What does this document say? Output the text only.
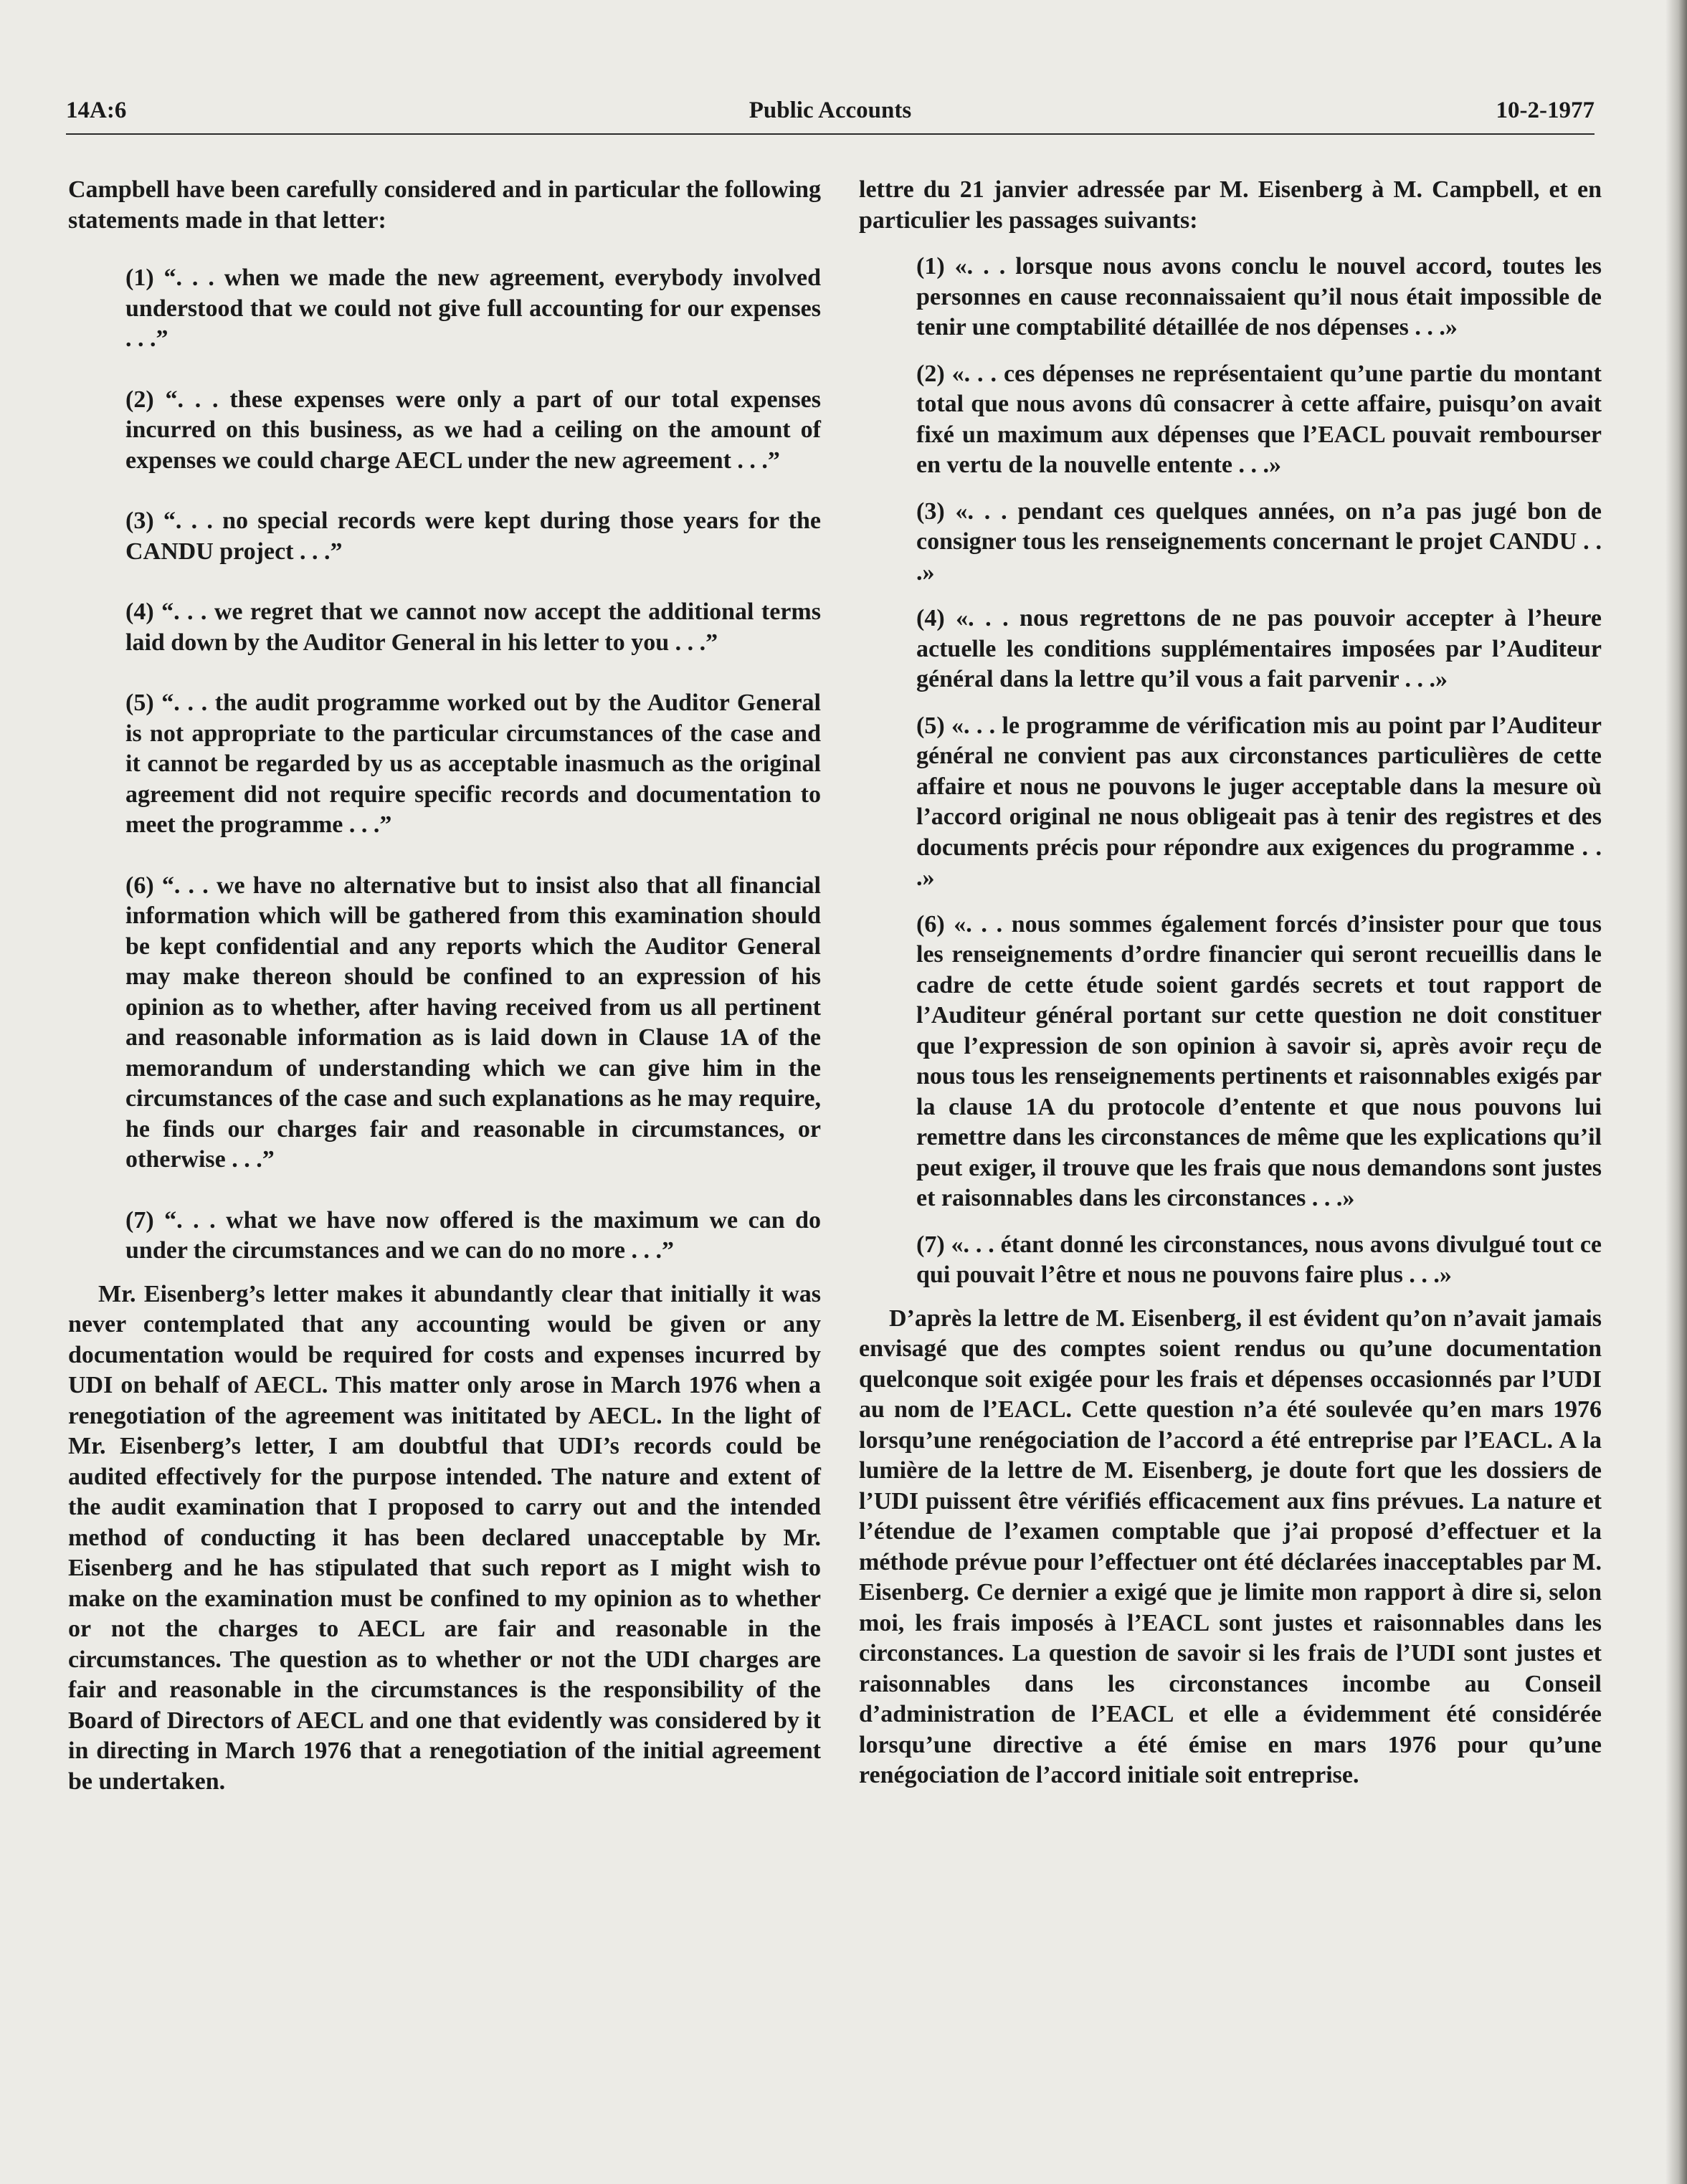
14A:6	Public Accounts	10-2-1977

Campbell have been carefully considered and in particular the following statements made in that letter:

(1) “. . . when we made the new agreement, everybody involved understood that we could not give full accounting for our expenses . . .”

(2) “. . . these expenses were only a part of our total expenses incurred on this business, as we had a ceiling on the amount of expenses we could charge AECL under the new agreement . . .”

(3) “. . . no special records were kept during those years for the CANDU project . . .”

(4) “. . . we regret that we cannot now accept the additional terms laid down by the Auditor General in his letter to you . . .”

(5) “. . . the audit programme worked out by the Auditor General is not appropriate to the particular circumstances of the case and it cannot be regarded by us as acceptable inasmuch as the original agreement did not require specific records and documentation to meet the programme . . .”

(6) “. . . we have no alternative but to insist also that all financial information which will be gathered from this examination should be kept confidential and any reports which the Auditor General may make thereon should be confined to an expression of his opinion as to whether, after having received from us all pertinent and reasonable information as is laid down in Clause 1A of the memorandum of understanding which we can give him in the circumstances of the case and such explanations as he may require, he finds our charges fair and reasonable in circumstances, or otherwise . . .”

(7) “. . . what we have now offered is the maximum we can do under the circumstances and we can do no more . . .”

Mr. Eisenberg’s letter makes it abundantly clear that initially it was never contemplated that any accounting would be given or any documentation would be required for costs and expenses incurred by UDI on behalf of AECL. This matter only arose in March 1976 when a renegotiation of the agreement was inititated by AECL. In the light of Mr. Eisenberg’s letter, I am doubtful that UDI’s records could be audited effectively for the purpose intended. The nature and extent of the audit examination that I proposed to carry out and the intended method of conducting it has been declared unacceptable by Mr. Eisenberg and he has stipulated that such report as I might wish to make on the examination must be confined to my opinion as to whether or not the charges to AECL are fair and reasonable in the circumstances. The question as to whether or not the UDI charges are fair and reasonable in the circumstances is the responsibility of the Board of Directors of AECL and one that evidently was considered by it in directing in March 1976 that a renegotiation of the initial agreement be undertaken.

lettre du 21 janvier adressée par M. Eisenberg à M. Campbell, et en particulier les passages suivants:

(1) «. . . lorsque nous avons conclu le nouvel accord, toutes les personnes en cause reconnaissaient qu’il nous était impossible de tenir une comptabilité détaillée de nos dépenses . . .»

(2) «. . . ces dépenses ne représentaient qu’une partie du montant total que nous avons dû consacrer à cette affaire, puisqu’on avait fixé un maximum aux dépenses que l’EACL pouvait rembourser en vertu de la nouvelle entente . . .»

(3) «. . . pendant ces quelques années, on n’a pas jugé bon de consigner tous les renseignements concernant le projet CANDU . . .»

(4) «. . . nous regrettons de ne pas pouvoir accepter à l’heure actuelle les conditions supplémentaires imposées par l’Auditeur général dans la lettre qu’il vous a fait parvenir . . .»

(5) «. . . le programme de vérification mis au point par l’Auditeur général ne convient pas aux circonstances particulières de cette affaire et nous ne pouvons le juger acceptable dans la mesure où l’accord original ne nous obligeait pas à tenir des registres et des documents précis pour répondre aux exigences du programme . . .»

(6) «. . . nous sommes également forcés d’insister pour que tous les renseignements d’ordre financier qui seront recueillis dans le cadre de cette étude soient gardés secrets et tout rapport de l’Auditeur général portant sur cette question ne doit constituer que l’expression de son opinion à savoir si, après avoir reçu de nous tous les renseignements pertinents et raisonnables exigés par la clause 1A du protocole d’entente et que nous pouvons lui remettre dans les circonstances de même que les explications qu’il peut exiger, il trouve que les frais que nous demandons sont justes et raisonnables dans les circonstances . . .»

(7) «. . . étant donné les circonstances, nous avons divulgué tout ce qui pouvait l’être et nous ne pouvons faire plus . . .»

D’après la lettre de M. Eisenberg, il est évident qu’on n’avait jamais envisagé que des comptes soient rendus ou qu’une documentation quelconque soit exigée pour les frais et dépenses occasionnés par l’UDI au nom de l’EACL. Cette question n’a été soulevée qu’en mars 1976 lorsqu’une renégociation de l’accord a été entreprise par l’EACL. A la lumière de la lettre de M. Eisenberg, je doute fort que les dossiers de l’UDI puissent être vérifiés efficacement aux fins prévues. La nature et l’étendue de l’examen comptable que j’ai proposé d’effectuer et la méthode prévue pour l’effectuer ont été déclarées inacceptables par M. Eisenberg. Ce dernier a exigé que je limite mon rapport à dire si, selon moi, les frais imposés à l’EACL sont justes et raisonnables dans les circonstances. La question de savoir si les frais de l’UDI sont justes et raisonnables dans les circonstances incombe au Conseil d’administration de l’EACL et elle a évidemment été considérée lorsqu’une directive a été émise en mars 1976 pour qu’une renégociation de l’accord initiale soit entreprise.
